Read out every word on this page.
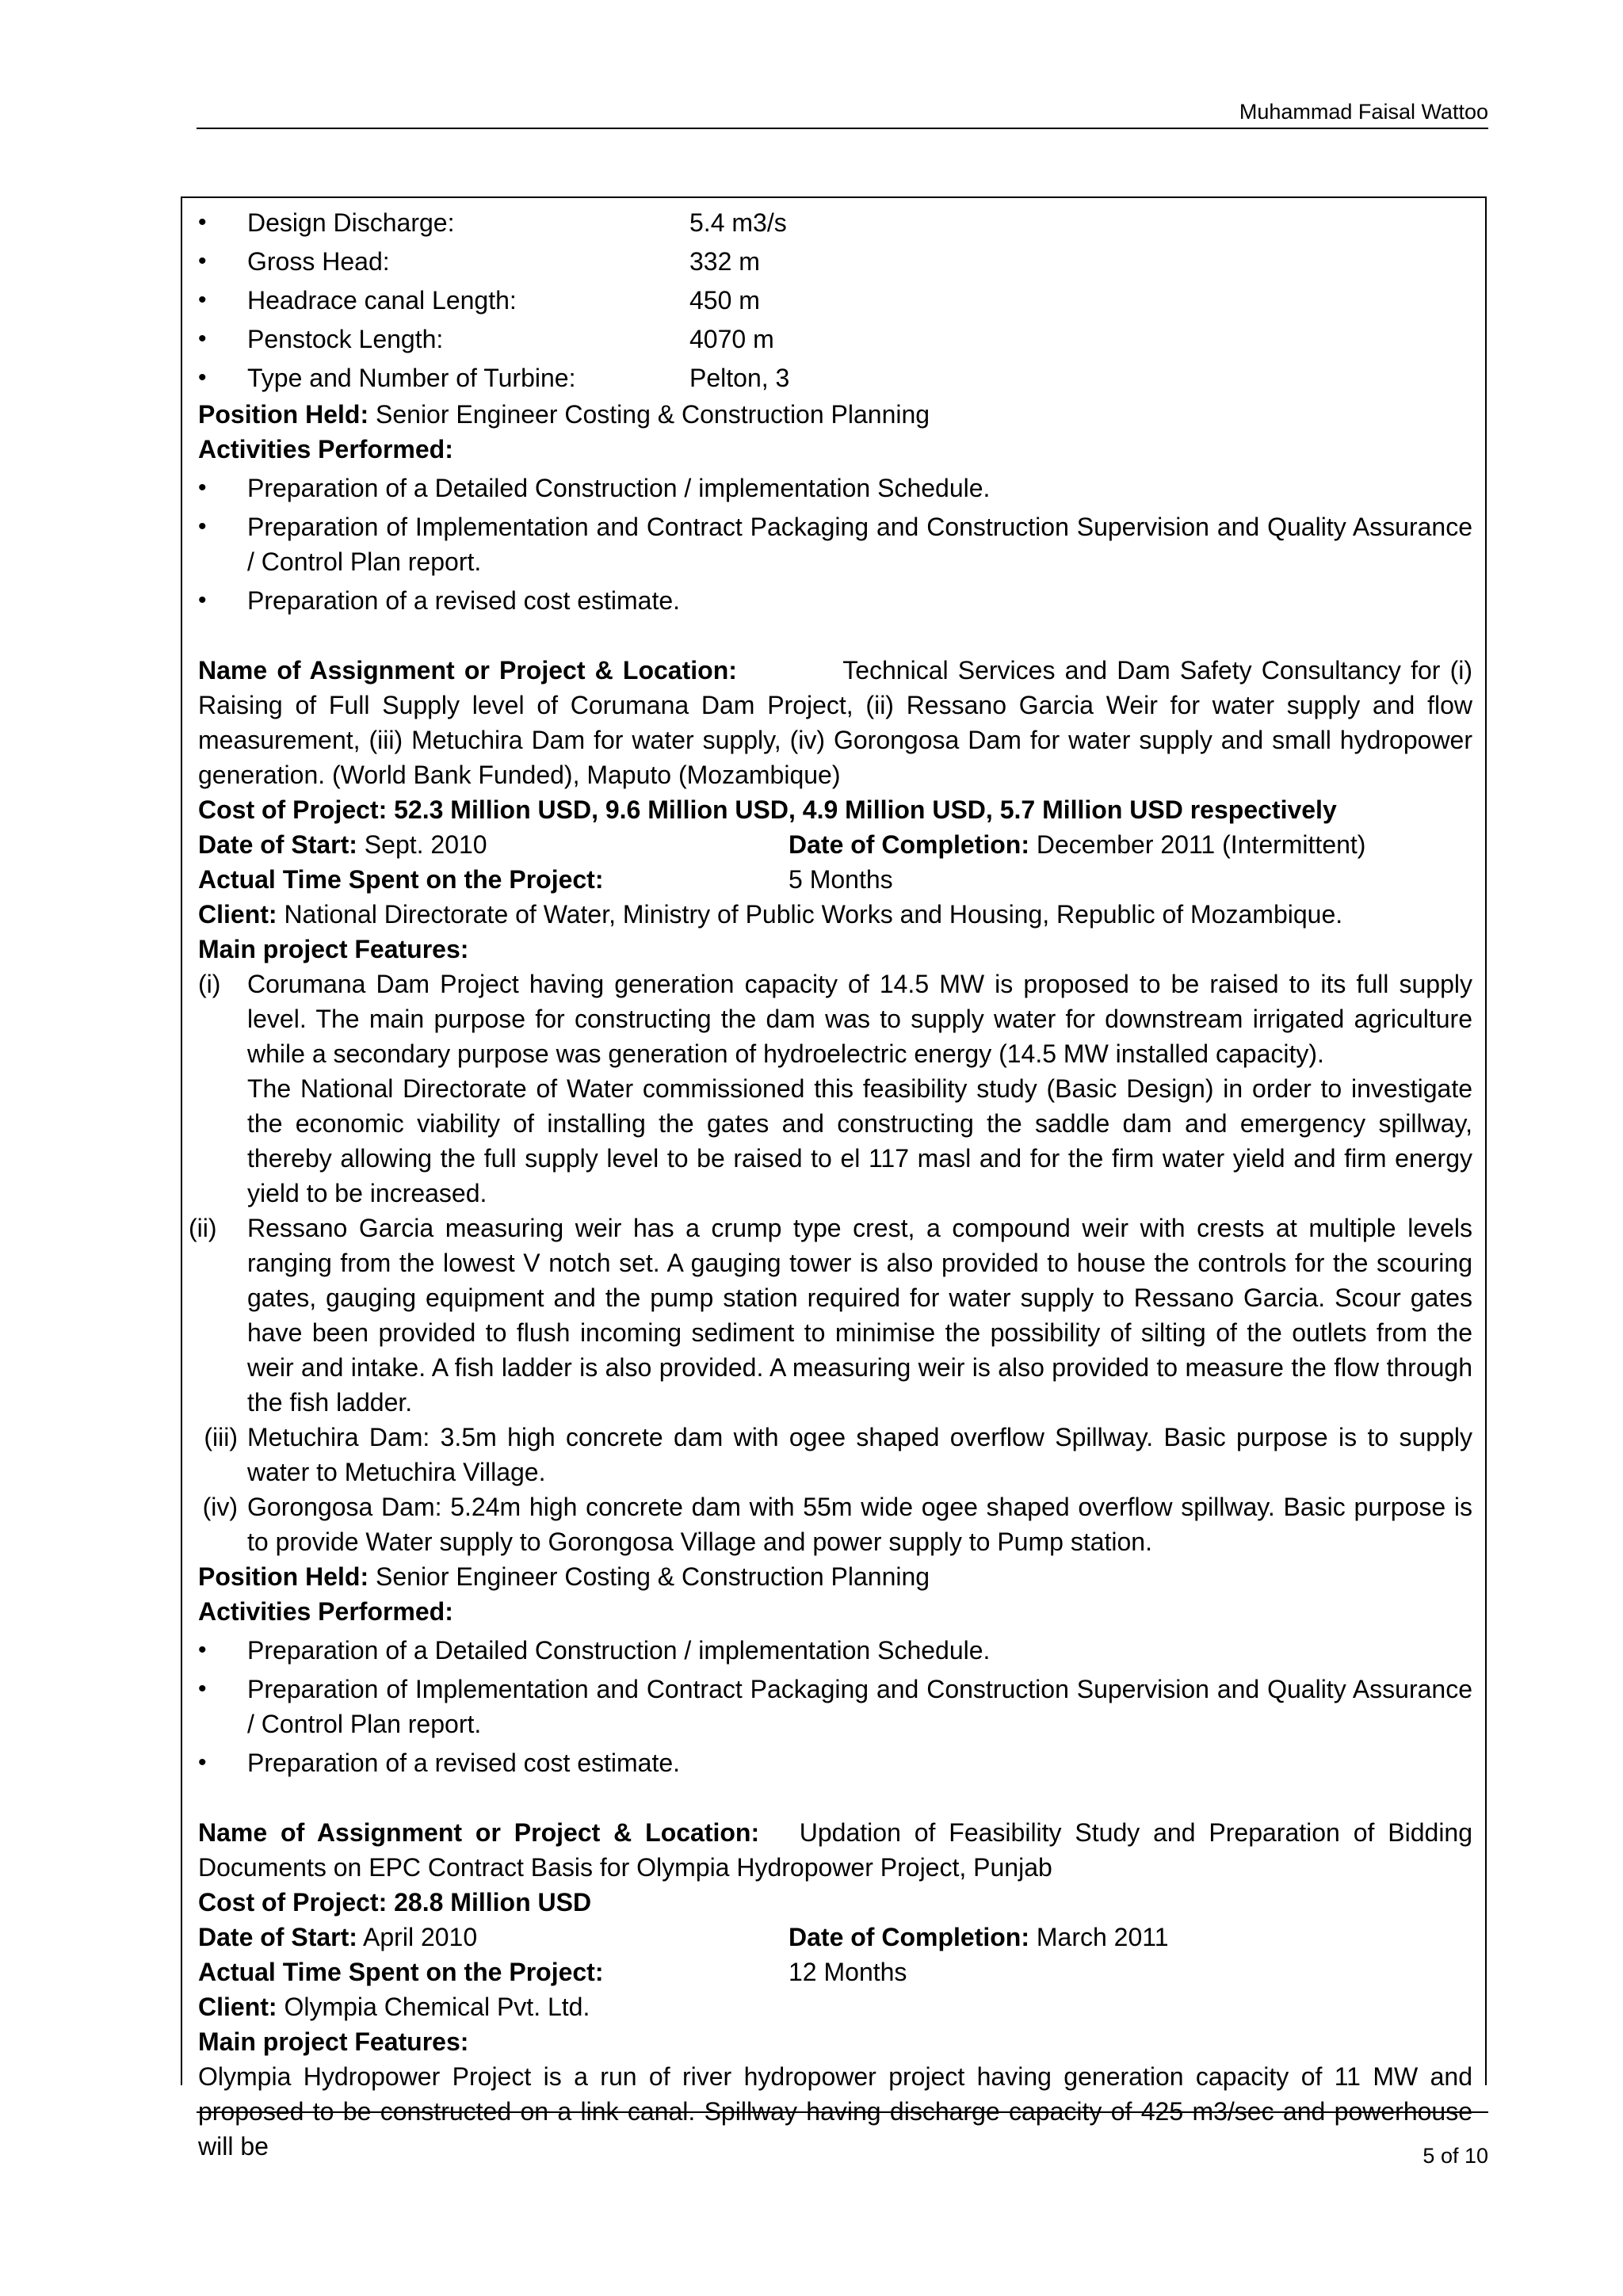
Muhammad Faisal Wattoo
•	Design Discharge:	5.4 m3/s
•	Gross Head:	332 m
•	Headrace canal Length:	450 m
•	Penstock Length:	4070 m
•	Type and Number of Turbine:	Pelton, 3

Position Held: Senior Engineer Costing & Construction Planning

Activities Performed:

•	Preparation of a Detailed Construction / implementation Schedule.
•	Preparation of Implementation and Contract Packaging and Construction Supervision and Quality Assurance / Control Plan report.
•	Preparation of a revised cost estimate.

Name of Assignment or Project & Location:	Technical Services and Dam Safety Consultancy for (i) Raising of Full Supply level of Corumana Dam Project, (ii) Ressano Garcia Weir for water supply and flow measurement, (iii) Metuchira Dam for water supply, (iv) Gorongosa Dam for water supply and small hydropower generation. (World Bank Funded), Maputo (Mozambique)

Cost of Project: 52.3 Million USD, 9.6 Million USD, 4.9 Million USD, 5.7 Million USD respectively

Date of Start: Sept. 2010	Date of Completion: December 2011 (Intermittent)
Actual Time Spent on the Project:	5 Months

Client: National Directorate of Water, Ministry of Public Works and Housing, Republic of Mozambique.

Main project Features:

(i) Corumana Dam Project having generation capacity of 14.5 MW is proposed to be raised to its full supply level. The main purpose for constructing the dam was to supply water for downstream irrigated agriculture while a secondary purpose was generation of hydroelectric energy (14.5 MW installed capacity).

The National Directorate of Water commissioned this feasibility study (Basic Design) in order to investigate the economic viability of installing the gates and constructing the saddle dam and emergency spillway, thereby allowing the full supply level to be raised to el 117 masl and for the firm water yield and firm energy yield to be increased.

(ii) Ressano Garcia measuring weir has a crump type crest, a compound weir with crests at multiple levels ranging from the lowest V notch set. A gauging tower is also provided to house the controls for the scouring gates, gauging equipment and the pump station required for water supply to Ressano Garcia. Scour gates have been provided to flush incoming sediment to minimise the possibility of silting of the outlets from the weir and intake. A fish ladder is also provided. A measuring weir is also provided to measure the flow through the fish ladder.
(iii) Metuchira Dam: 3.5m high concrete dam with ogee shaped overflow Spillway. Basic purpose is to supply water to Metuchira Village.
(iv) Gorongosa Dam: 5.24m high concrete dam with 55m wide ogee shaped overflow spillway. Basic purpose is to provide Water supply to Gorongosa Village and power supply to Pump station.

Position Held: Senior Engineer Costing & Construction Planning

Activities Performed:

•	Preparation of a Detailed Construction / implementation Schedule.
•	Preparation of Implementation and Contract Packaging and Construction Supervision and Quality Assurance / Control Plan report.
•	Preparation of a revised cost estimate.

Name of Assignment or Project & Location: Updation of Feasibility Study and Preparation of Bidding Documents on EPC Contract Basis for Olympia Hydropower Project, Punjab

Cost of Project: 28.8 Million USD

Date of Start: April 2010	Date of Completion: March 2011
Actual Time Spent on the Project:	12 Months

Client: Olympia Chemical Pvt. Ltd.

Main project Features:

Olympia Hydropower Project is a run of river hydropower project having generation capacity of 11 MW and proposed to be constructed on a link canal. Spillway having discharge capacity of 425 m3/sec and powerhouse will be	5 of 10
